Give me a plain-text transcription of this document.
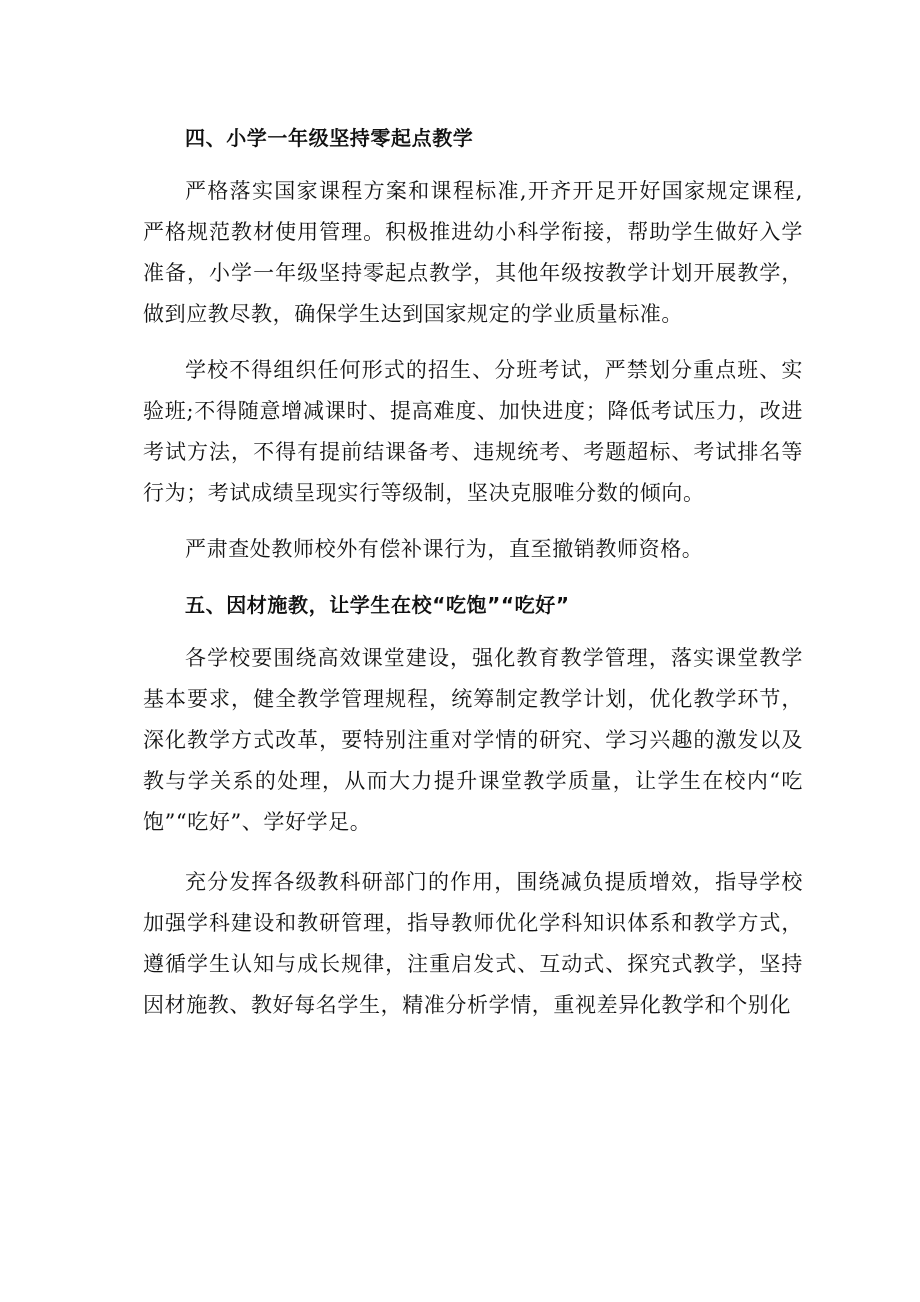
四、小学一年级坚持零起点教学

严格落实国家课程方案和课程标准,开齐开足开好国家规定课程,严格规范教材使用管理。积极推进幼小科学衔接，帮助学生做好入学准备，小学一年级坚持零起点教学，其他年级按教学计划开展教学，做到应教尽教，确保学生达到国家规定的学业质量标准。

学校不得组织任何形式的招生、分班考试，严禁划分重点班、实验班;不得随意增减课时、提高难度、加快进度；降低考试压力，改进考试方法，不得有提前结课备考、违规统考、考题超标、考试排名等行为；考试成绩呈现实行等级制，坚决克服唯分数的倾向。

严肃查处教师校外有偿补课行为，直至撤销教师资格。

五、因材施教，让学生在校“吃饱”“吃好”

各学校要围绕高效课堂建设，强化教育教学管理，落实课堂教学基本要求，健全教学管理规程，统筹制定教学计划，优化教学环节，深化教学方式改革，要特别注重对学情的研究、学习兴趣的激发以及教与学关系的处理，从而大力提升课堂教学质量，让学生在校内“吃饱”“吃好”、学好学足。

充分发挥各级教科研部门的作用，围绕减负提质增效，指导学校加强学科建设和教研管理，指导教师优化学科知识体系和教学方式，遵循学生认知与成长规律，注重启发式、互动式、探究式教学，坚持因材施教、教好每名学生，精准分析学情，重视差异化教学和个别化
